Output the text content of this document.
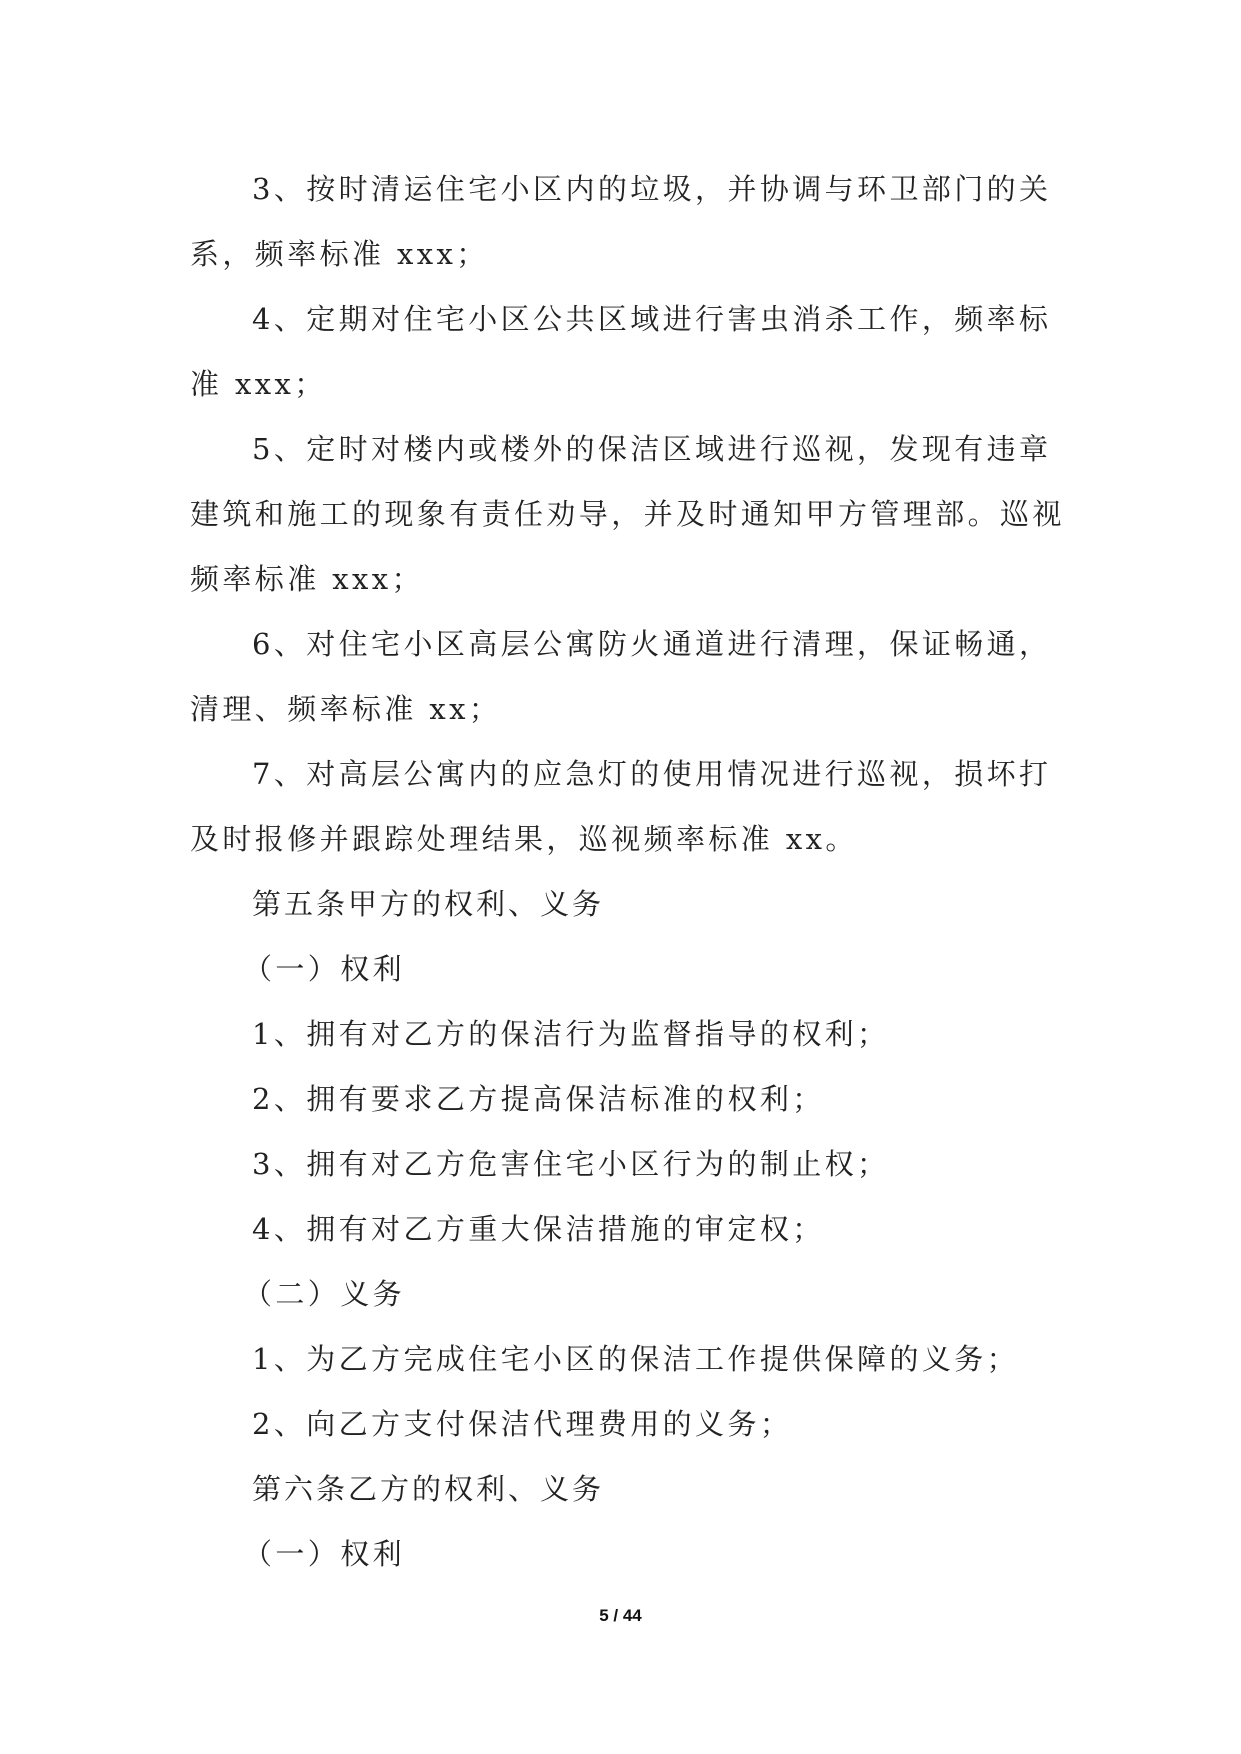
3、按时清运住宅小区内的垃圾，并协调与环卫部门的关系，频率标准 xxx；

4、定期对住宅小区公共区域进行害虫消杀工作，频率标准 xxx；

5、定时对楼内或楼外的保洁区域进行巡视，发现有违章建筑和施工的现象有责任劝导，并及时通知甲方管理部。巡视频率标准 xxx；

6、对住宅小区高层公寓防火通道进行清理，保证畅通，清理、频率标准 xx；

7、对高层公寓内的应急灯的使用情况进行巡视，损坏打及时报修并跟踪处理结果，巡视频率标准 xx。

第五条甲方的权利、义务

（一）权利

1、拥有对乙方的保洁行为监督指导的权利；

2、拥有要求乙方提高保洁标准的权利；

3、拥有对乙方危害住宅小区行为的制止权；

4、拥有对乙方重大保洁措施的审定权；

（二）义务

1、为乙方完成住宅小区的保洁工作提供保障的义务；

2、向乙方支付保洁代理费用的义务；

第六条乙方的权利、义务

（一）权利

5 / 44
